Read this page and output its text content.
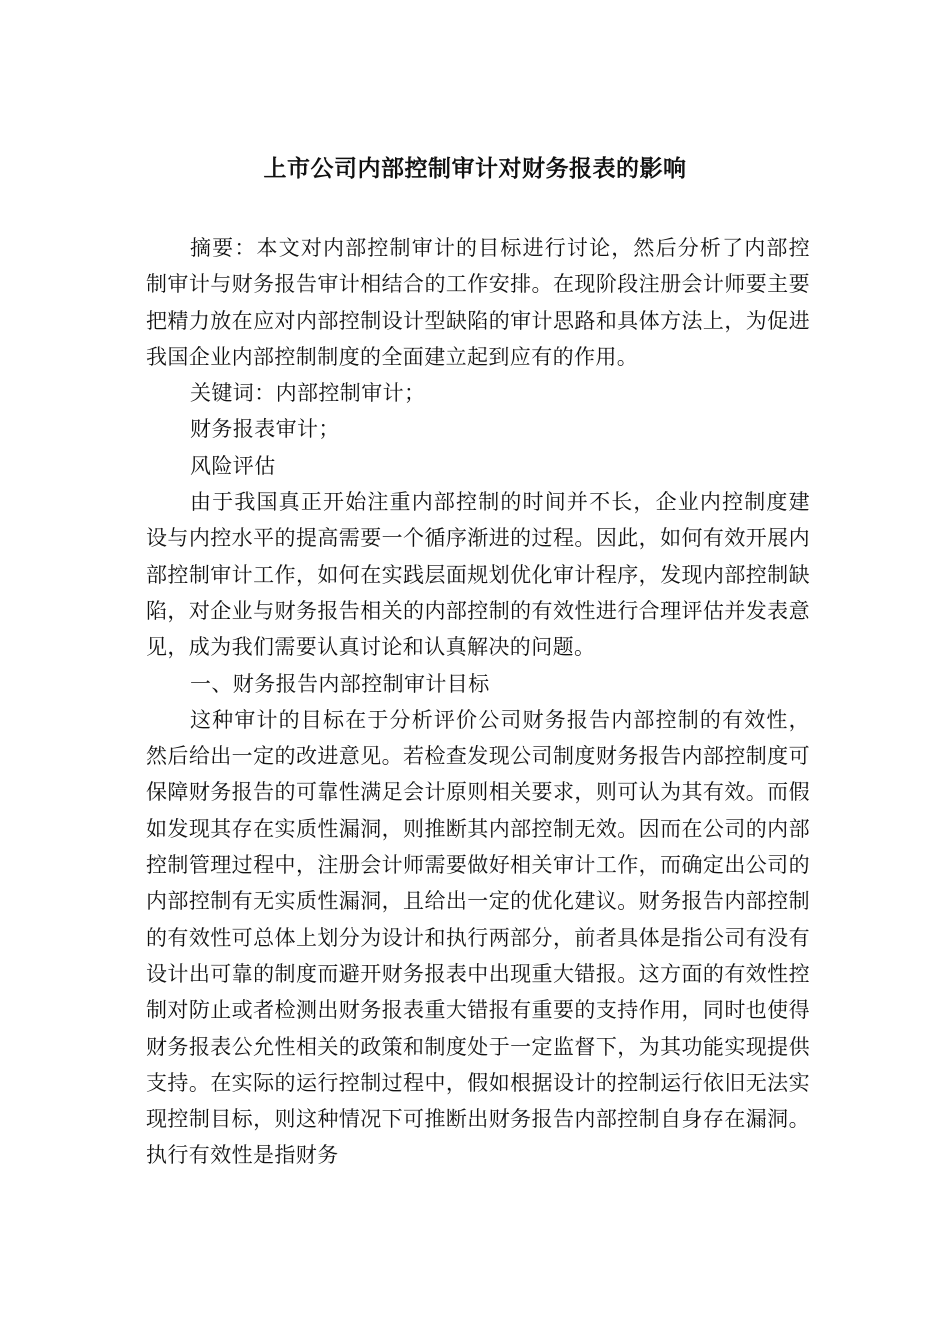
上市公司内部控制审计对财务报表的影响

摘要：本文对内部控制审计的目标进行讨论，然后分析了内部控制审计与财务报告审计相结合的工作安排。在现阶段注册会计师要主要把精力放在应对内部控制设计型缺陷的审计思路和具体方法上，为促进我国企业内部控制制度的全面建立起到应有的作用。

关键词：内部控制审计；

财务报表审计；

风险评估

由于我国真正开始注重内部控制的时间并不长，企业内控制度建设与内控水平的提高需要一个循序渐进的过程。因此，如何有效开展内部控制审计工作，如何在实践层面规划优化审计程序，发现内部控制缺陷，对企业与财务报告相关的内部控制的有效性进行合理评估并发表意见，成为我们需要认真讨论和认真解决的问题。

一、财务报告内部控制审计目标

这种审计的目标在于分析评价公司财务报告内部控制的有效性，然后给出一定的改进意见。若检查发现公司制度财务报告内部控制度可保障财务报告的可靠性满足会计原则相关要求，则可认为其有效。而假如发现其存在实质性漏洞，则推断其内部控制无效。因而在公司的内部控制管理过程中，注册会计师需要做好相关审计工作，而确定出公司的内部控制有无实质性漏洞，且给出一定的优化建议。财务报告内部控制的有效性可总体上划分为设计和执行两部分，前者具体是指公司有没有设计出可靠的制度而避开财务报表中出现重大错报。这方面的有效性控制对防止或者检测出财务报表重大错报有重要的支持作用，同时也使得财务报表公允性相关的政策和制度处于一定监督下，为其功能实现提供支持。在实际的运行控制过程中，假如根据设计的控制运行依旧无法实现控制目标，则这种情况下可推断出财务报告内部控制自身存在漏洞。执行有效性是指财务
